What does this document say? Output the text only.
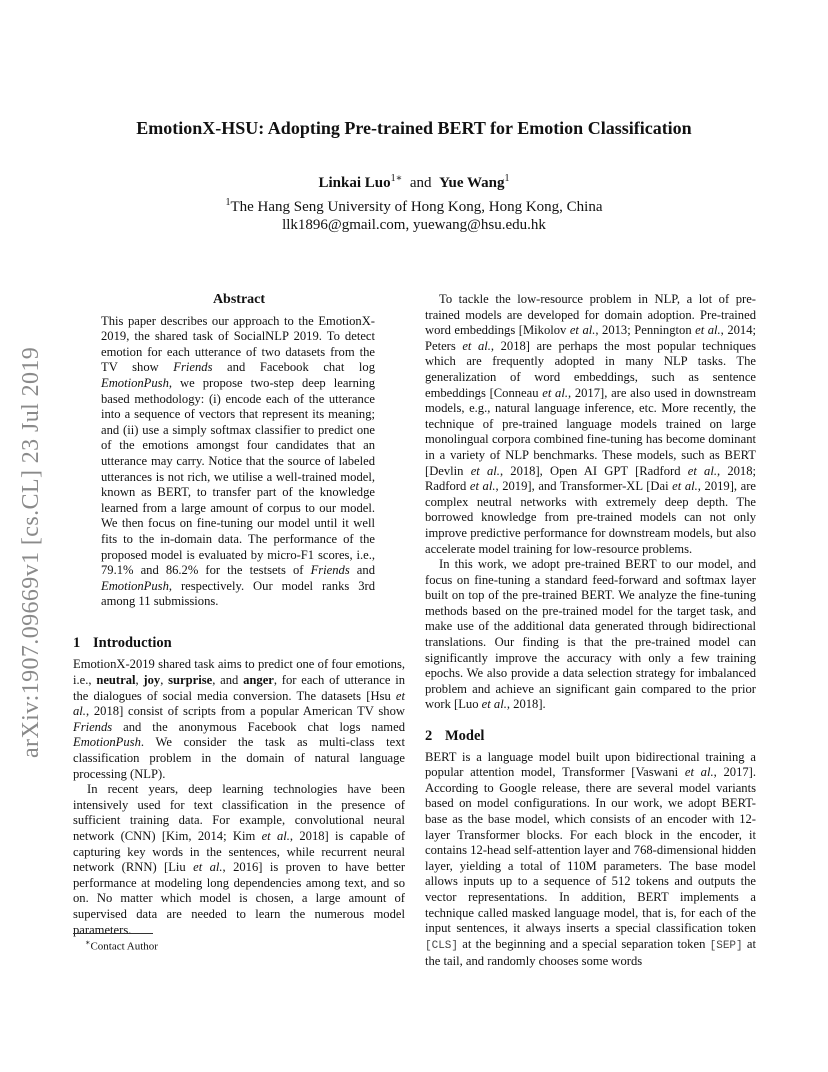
arXiv:1907.09669v1 [cs.CL] 23 Jul 2019
EmotionX-HSU: Adopting Pre-trained BERT for Emotion Classification
Linkai Luo$^{1∗}$ and Yue Wang$^1$
$^1$The Hang Seng University of Hong Kong, Hong Kong, China
llk1896@gmail.com, yuewang@hsu.edu.hk
Abstract
This paper describes our approach to the EmotionX-2019, the shared task of SocialNLP 2019. To detect emotion for each utterance of two datasets from the TV show Friends and Facebook chat log EmotionPush, we propose two-step deep learning based methodology: (i) encode each of the utterance into a sequence of vectors that represent its meaning; and (ii) use a simply softmax classifier to predict one of the emotions amongst four candidates that an utterance may carry. Notice that the source of labeled utterances is not rich, we utilise a well-trained model, known as BERT, to transfer part of the knowledge learned from a large amount of corpus to our model. We then focus on fine-tuning our model until it well fits to the in-domain data. The performance of the proposed model is evaluated by micro-F1 scores, i.e., 79.1% and 86.2% for the testsets of Friends and EmotionPush, respectively. Our model ranks 3rd among 11 submissions.
1 Introduction

EmotionX-2019 shared task aims to predict one of four emotions, i.e., neutral, joy, surprise, and anger, for each of utterance in the dialogues of social media conversion. The datasets [Hsu et al., 2018] consist of scripts from a popular American TV show Friends and the anonymous Facebook chat logs named EmotionPush. We consider the task as multi-class text classification problem in the domain of natural language processing (NLP).

In recent years, deep learning technologies have been intensively used for text classification in the presence of sufficient training data. For example, convolutional neural network (CNN) [Kim, 2014; Kim et al., 2018] is capable of capturing key words in the sentences, while recurrent neural network (RNN) [Liu et al., 2016] is proven to have better performance at modeling long dependencies among text, and so on. No matter which model is chosen, a large amount of supervised data are needed to learn the numerous model parameters.

∗Contact Author

To tackle the low-resource problem in NLP, a lot of pre-trained models are developed for domain adoption. Pre-trained word embeddings [Mikolov et al., 2013; Pennington et al., 2014; Peters et al., 2018] are perhaps the most popular techniques which are frequently adopted in many NLP tasks. The generalization of word embeddings, such as sentence embeddings [Conneau et al., 2017], are also used in downstream models, e.g., natural language inference, etc. More recently, the technique of pre-trained language models trained on large monolingual corpora combined fine-tuning has become dominant in a variety of NLP benchmarks. These models, such as BERT [Devlin et al., 2018], Open AI GPT [Radford et al., 2018; Radford et al., 2019], and Transformer-XL [Dai et al., 2019], are complex neutral networks with extremely deep depth. The borrowed knowledge from pre-trained models can not only improve predictive performance for downstream models, but also accelerate model training for low-resource problems.

In this work, we adopt pre-trained BERT to our model, and focus on fine-tuning a standard feed-forward and softmax layer built on top of the pre-trained BERT. We analyze the fine-tuning methods based on the pre-trained model for the target task, and make use of the additional data generated through bidirectional translations. Our finding is that the pre-trained model can significantly improve the accuracy with only a few training epochs. We also provide a data selection strategy for imbalanced problem and achieve an significant gain compared to the prior work [Luo et al., 2018].

2 Model

BERT is a language model built upon bidirectional training a popular attention model, Transformer [Vaswani et al., 2017]. According to Google release, there are several model variants based on model configurations. In our work, we adopt BERT-base as the base model, which consists of an encoder with 12-layer Transformer blocks. For each block in the encoder, it contains 12-head self-attention layer and 768-dimensional hidden layer, yielding a total of 110M parameters. The base model allows inputs up to a sequence of 512 tokens and outputs the vector representations. In addition, BERT implements a technique called masked language model, that is, for each of the input sentences, it always inserts a special classification token [CLS] at the beginning and a special separation token [SEP] at the tail, and randomly chooses some words
